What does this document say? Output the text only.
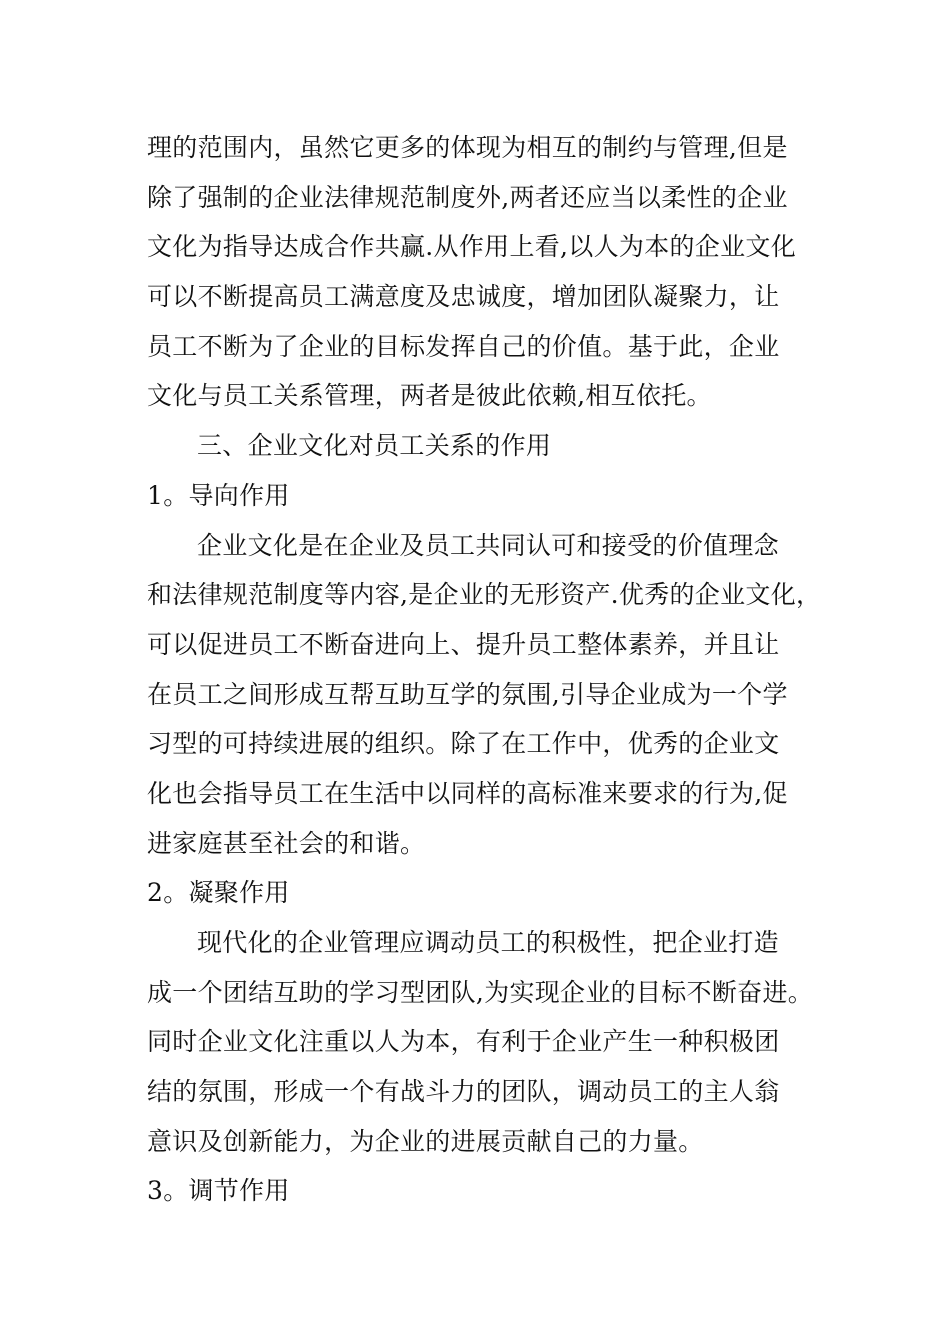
理的范围内，虽然它更多的体现为相互的制约与管理,但是
除了强制的企业法律规范制度外,两者还应当以柔性的企业
文化为指导达成合作共赢.从作用上看,以人为本的企业文化
可以不断提高员工满意度及忠诚度，增加团队凝聚力，让
员工不断为了企业的目标发挥自己的价值。基于此，企业
文化与员工关系管理，两者是彼此依赖,相互依托。
三、企业文化对员工关系的作用
1。导向作用
企业文化是在企业及员工共同认可和接受的价值理念
和法律规范制度等内容,是企业的无形资产.优秀的企业文化，
可以促进员工不断奋进向上、提升员工整体素养，并且让
在员工之间形成互帮互助互学的氛围,引导企业成为一个学
习型的可持续进展的组织。除了在工作中，优秀的企业文
化也会指导员工在生活中以同样的高标准来要求的行为,促
进家庭甚至社会的和谐。
2。凝聚作用
现代化的企业管理应调动员工的积极性，把企业打造
成一个团结互助的学习型团队,为实现企业的目标不断奋进。
同时企业文化注重以人为本，有利于企业产生一种积极团
结的氛围，形成一个有战斗力的团队，调动员工的主人翁
意识及创新能力，为企业的进展贡献自己的力量。
3。调节作用
